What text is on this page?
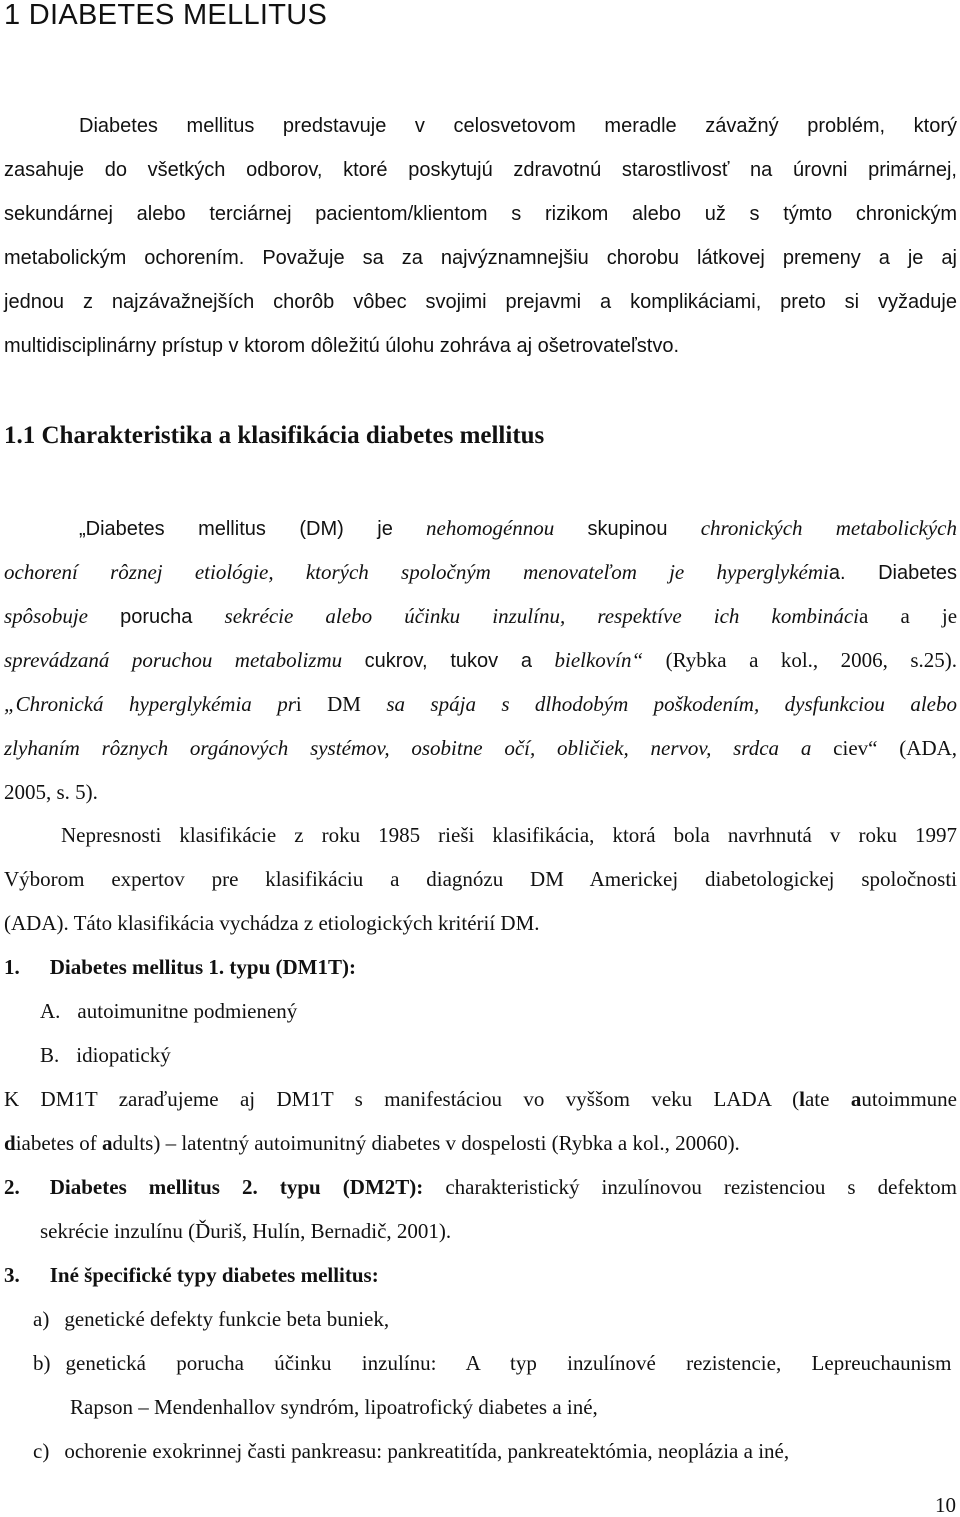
1 DIABETES MELLITUS
Diabetes mellitus predstavuje v celosvetovom meradle závažný problém, ktorý
zasahuje do všetkých odborov, ktoré poskytujú zdravotnú starostlivosť na úrovni primárnej,
sekundárnej alebo terciárnej pacientom/klientom s rizikom alebo už s týmto chronickým
metabolickým ochorením. Považuje sa za najvýznamnejšiu chorobu látkovej premeny a je aj
jednou z najzávažnejších chorôb vôbec svojimi prejavmi a komplikáciami, preto si vyžaduje
multidisciplinárny prístup v ktorom dôležitú úlohu zohráva aj ošetrovateľstvo.
1.1 Charakteristika a klasifikácia diabetes mellitus
„Diabetes mellitus (DM) je nehomogénnou skupinou chronických metabolických
ochorení rôznej etiológie, ktorých spoločným menovateľom je hyperglykémia. Diabetes
spôsobuje porucha sekrécie alebo účinku inzulínu, respektíve ich kombinácia a je
sprevádzaná poruchou metabolizmu cukrov, tukov a bielkovín“ (Rybka a kol., 2006, s.25).
„Chronická hyperglykémia pri DM sa spája s dlhodobým poškodením, dysfunkciou alebo
zlyhaním rôznych orgánových systémov, osobitne očí, obličiek, nervov, srdca a ciev“ (ADA,
2005, s. 5).
Nepresnosti klasifikácie z roku 1985 rieši klasifikácia, ktorá bola navrhnutá v roku 1997
Výborom expertov pre klasifikáciu a diagnózu DM Americkej diabetologickej spoločnosti
(ADA). Táto klasifikácia vychádza z etiologických kritérií DM.
1. Diabetes mellitus 1. typu (DM1T):
A. autoimunitne podmienený
B. idiopatický
K DM1T zaraďujeme aj DM1T s manifestáciou vo vyššom veku LADA (late autoimmune
diabetes of adults) – latentný autoimunitný diabetes v dospelosti (Rybka a kol., 20060).
2. Diabetes mellitus 2. typu (DM2T): charakteristický inzulínovou rezistenciou s defektom
sekrécie inzulínu (Ďuriš, Hulín, Bernadič, 2001).
3. Iné špecifické typy diabetes mellitus:
a) genetické defekty funkcie beta buniek,
b) genetická porucha účinku inzulínu: A typ inzulínové rezistencie, Lepreuchaunism
Rapson – Mendenhallov syndróm, lipoatrofický diabetes a iné,
c) ochorenie exokrinnej časti pankreasu: pankreatitída, pankreatektómia, neoplázia a iné,
10
